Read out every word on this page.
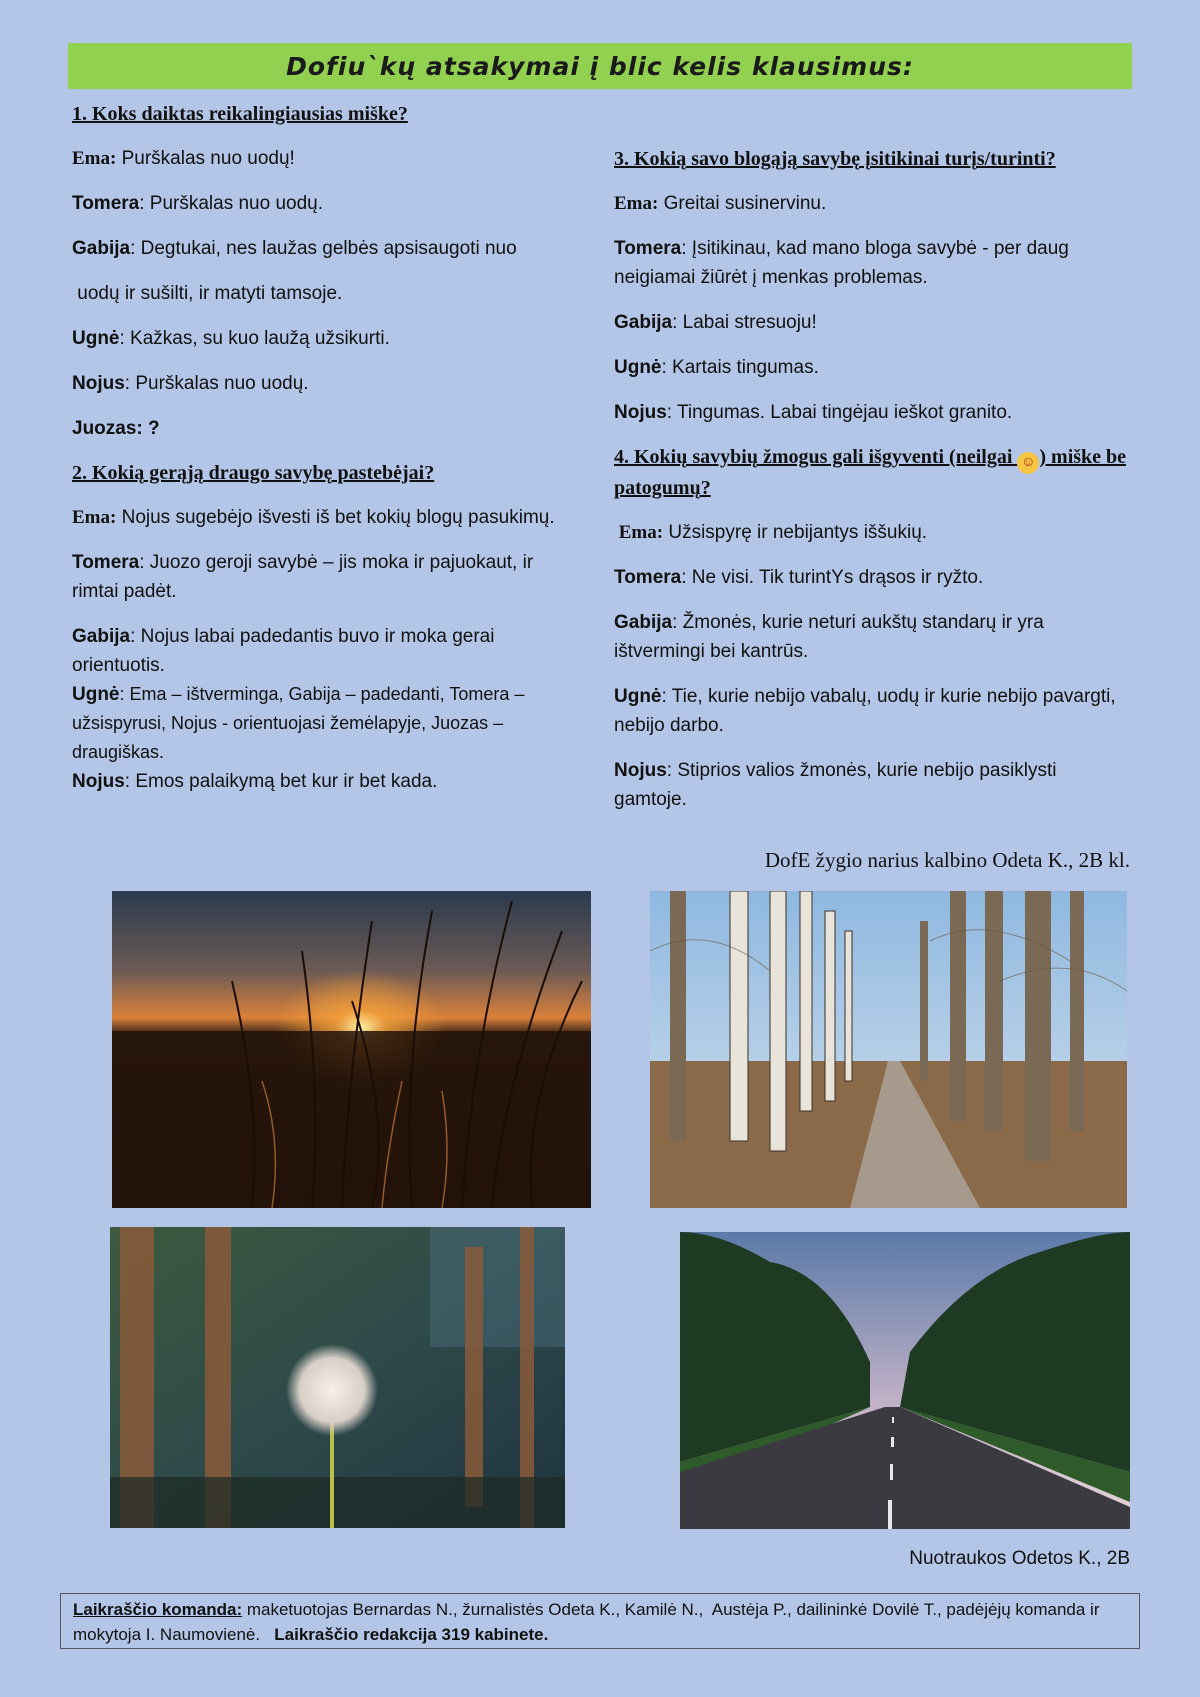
Dofiu`kų atsakymai į blic kelis klausimus:
1. Koks daiktas reikalingiausias miške?
Ema: Purškalas nuo uodų!
Tomera: Purškalas nuo uodų.
Gabija: Degtukai, nes laužas gelbės apsisaugoti nuo
uodų ir sušilti, ir matyti tamsoje.
Ugnė: Kažkas, su kuo laužą užsikurti.
Nojus: Purškalas nuo uodų.
Juozas: ?
2. Kokią gerąją draugo savybę pastebėjai?
Ema: Nojus sugebėjo išvesti iš bet kokių blogų pasukimų.
Tomera: Juozo geroji savybė – jis moka ir pajuokaut, ir rimtai padėt.
Gabija: Nojus labai padedantis buvo ir moka gerai orientuotis.
Ugnė: Ema – ištverminga, Gabija – padedanti, Tomera – užsispyrusi, Nojus - orientuojasi žemėlapyje, Juozas – draugiškas.
Nojus: Emos palaikymą bet kur ir bet kada.
3. Kokią savo blogąją savybę įsitikinai turįs/turinti?
Ema: Greitai susinervinu.
Tomera: Įsitikinau, kad mano bloga savybė - per daug neigiamai žiūrėt į menkas problemas.
Gabija: Labai stresuoju!
Ugnė: Kartais tingumas.
Nojus: Tingumas. Labai tingėjau ieškot granito.
4. Kokių savybių žmogus gali išgyventi (neilgai ☺ ) miške be patogumų?
Ema: Užsispyrę ir nebijantys iššukių.
Tomera: Ne visi. Tik turintYs drąsos ir ryžto.
Gabija: Žmonės, kurie neturi aukštų standarų ir yra ištvermingi bei kantrūs.
Ugnė: Tie, kurie nebijo vabalų, uodų ir kurie nebijo pavargti, nebijo darbo.
Nojus: Stiprios valios žmonės, kurie nebijo pasiklysti gamtoje.
DofE žygio narius kalbino Odeta K., 2B kl.
Nuotraukos Odetos K., 2B
Laikraščio komanda: maketuotojas Bernardas N., žurnalistės Odeta K., Kamilė N.,  Austėja P., dailininkė Dovilė T., padėjėjų komanda ir mokytoja I. Naumovienė.   Laikraščio redakcija 319 kabinete.
